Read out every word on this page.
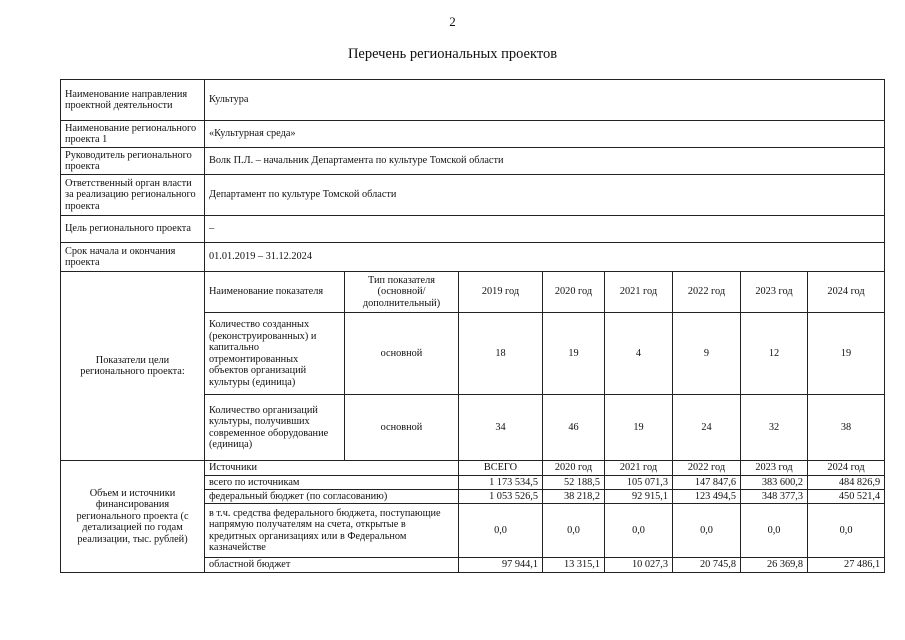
2
Перечень региональных проектов
Наименование направления проектной деятельности	Культура							
Наименование регионального проекта 1	«Культурная среда»							
Руководитель регионального проекта	Волк П.Л. – начальник Департамента по культуре Томской области							
Ответственный орган власти за реализацию регионального проекта	Департамент по культуре Томской области							
Цель регионального проекта	–							
Срок начала и окончания проекта	01.01.2019 – 31.12.2024							
Показатели цели регионального проекта:	Наименование показателя	Тип показателя (основной/дополнительный)	2019 год	2020 год	2021 год	2022 год	2023 год	2024 год
	Количество созданных (реконструированных) и капитально отремонтированных объектов организаций культуры (единица)	основной	18	19	4	9	12	19
	Количество организаций культуры, получивших современное оборудование (единица)	основной	34	46	19	24	32	38
Объем и источники финансирования регионального проекта (с детализацией по годам реализации, тыс. рублей)	Источники		ВСЕГО	2020 год	2021 год	2022 год	2023 год	2024 год
	всего по источникам		1 173 534,5	52 188,5	105 071,3	147 847,6	383 600,2	484 826,9
	федеральный бюджет (по согласованию)		1 053 526,5	38 218,2	92 915,1	123 494,5	348 377,3	450 521,4
	в т.ч. средства федерального бюджета, поступающие напрямую получателям на счета, открытые в кредитных организациях или в Федеральном казначействе		0,0	0,0	0,0	0,0	0,0	0,0
	областной бюджет		97 944,1	13 315,1	10 027,3	20 745,8	26 369,8	27 486,1
